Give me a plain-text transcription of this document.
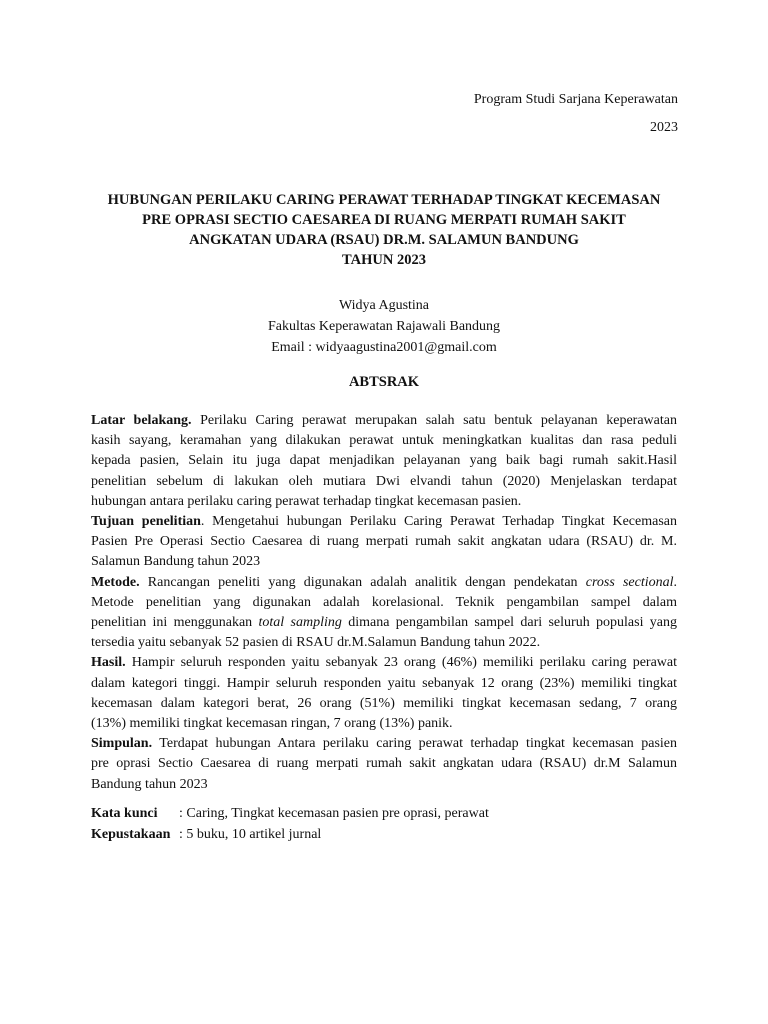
Program Studi Sarjana Keperawatan
2023
HUBUNGAN PERILAKU CARING PERAWAT TERHADAP TINGKAT KECEMASAN
PRE OPRASI SECTIO CAESAREA DI RUANG MERPATI RUMAH SAKIT
ANGKATAN UDARA (RSAU) DR.M. SALAMUN BANDUNG
TAHUN 2023
Widya Agustina
Fakultas Keperawatan Rajawali Bandung
Email : widyaagustina2001@gmail.com
ABTSRAK
Latar belakang. Perilaku Caring perawat merupakan salah satu bentuk pelayanan keperawatan
kasih sayang, keramahan yang dilakukan perawat untuk meningkatkan kualitas dan rasa peduli
kepada pasien, Selain itu juga dapat menjadikan pelayanan yang baik bagi rumah sakit.Hasil
penelitian sebelum di lakukan oleh mutiara Dwi elvandi tahun (2020) Menjelaskan terdapat
hubungan antara perilaku caring perawat terhadap tingkat kecemasan pasien.
Tujuan penelitian. Mengetahui hubungan Perilaku Caring Perawat Terhadap Tingkat Kecemasan
Pasien Pre Operasi Sectio Caesarea di ruang merpati rumah sakit angkatan udara (RSAU) dr. M.
Salamun Bandung tahun 2023
Metode. Rancangan peneliti yang digunakan adalah analitik dengan pendekatan cross sectional.
Metode penelitian yang digunakan adalah korelasional. Teknik pengambilan sampel dalam
penelitian ini menggunakan total sampling dimana pengambilan sampel dari seluruh populasi yang
tersedia yaitu sebanyak 52 pasien di RSAU dr.M.Salamun Bandung tahun 2022.
Hasil. Hampir seluruh responden yaitu sebanyak 23 orang (46%) memiliki perilaku caring perawat
dalam kategori tinggi. Hampir seluruh responden yaitu sebanyak 12 orang (23%) memiliki tingkat
kecemasan dalam kategori berat, 26 orang (51%) memiliki tingkat kecemasan sedang, 7 orang
(13%) memiliki tingkat kecemasan ringan, 7 orang (13%) panik.
Simpulan. Terdapat hubungan Antara perilaku caring perawat terhadap tingkat kecemasan pasien
pre oprasi Sectio Caesarea di ruang merpati rumah sakit angkatan udara (RSAU) dr.M Salamun
Bandung tahun 2023
Kata kunci : Caring, Tingkat kecemasan pasien pre oprasi, perawat
Kepustakaan : 5 buku, 10 artikel jurnal
